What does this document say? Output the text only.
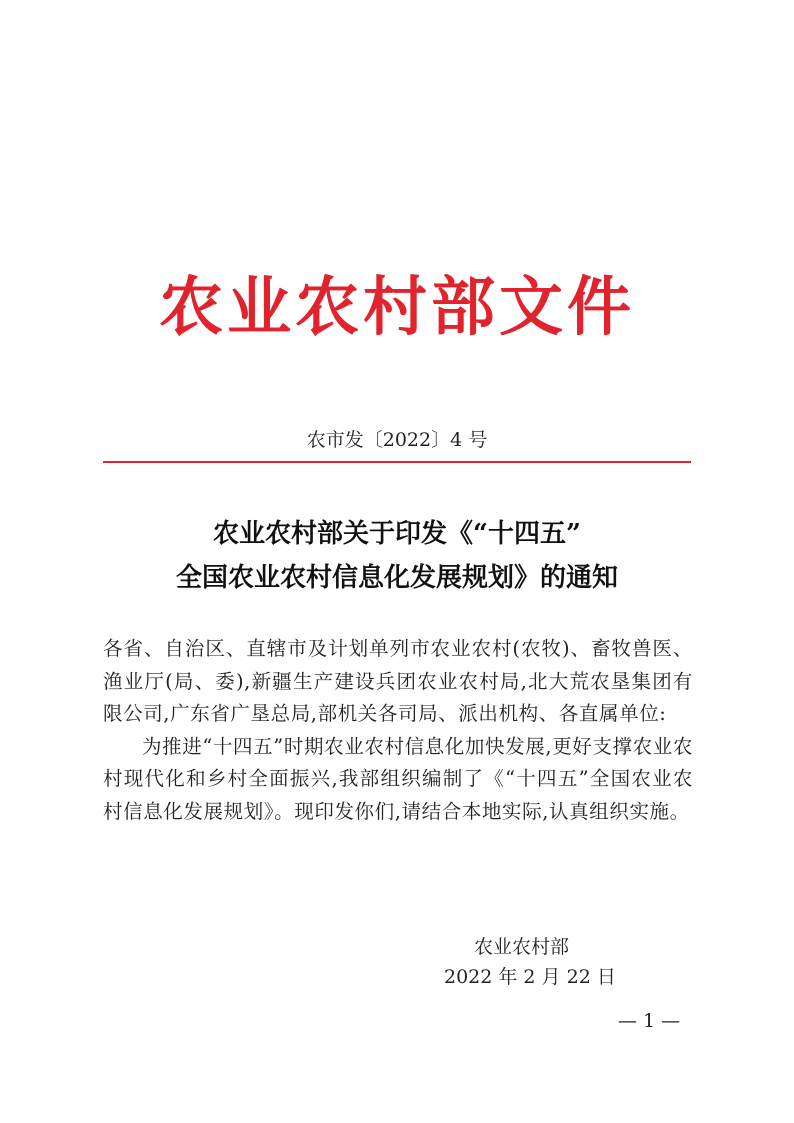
农业农村部文件
农市发〔2022〕4 号
农业农村部关于印发《“十四五”
全国农业农村信息化发展规划》的通知

各省、自治区、直辖市及计划单列市农业农村(农牧)、畜牧兽医、渔业厅(局、委),新疆生产建设兵团农业农村局,北大荒农垦集团有限公司,广东省广垦总局,部机关各司局、派出机构、各直属单位:

为推进“十四五”时期农业农村信息化加快发展,更好支撑农业农村现代化和乡村全面振兴,我部组织编制了《“十四五”全国农业农村信息化发展规划》。现印发你们,请结合本地实际,认真组织实施。

农业农村部
2022 年 2 月 22 日
— 1 —
